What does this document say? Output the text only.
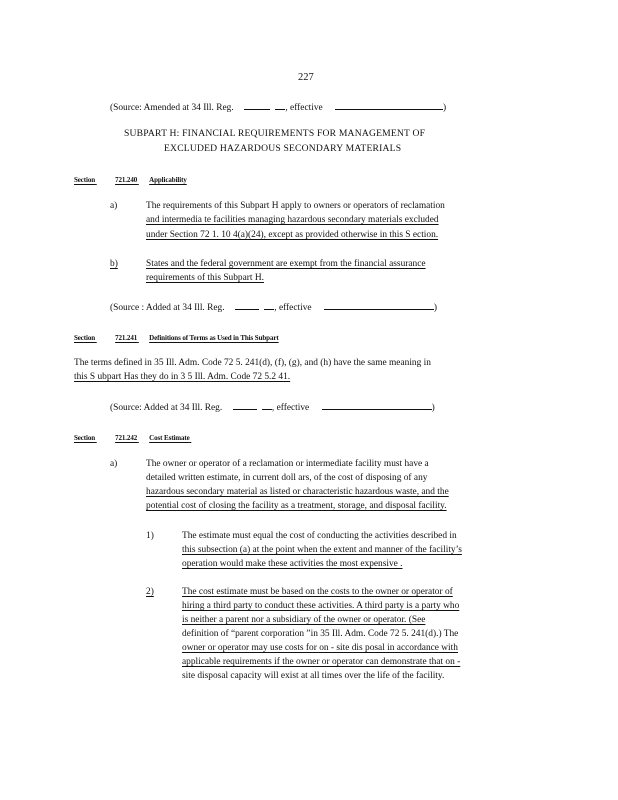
227
(Source: Amended at 34 Ill. Reg.	, effective	)
SUBPART H: FINANCIAL REQUIREMENTS FOR MANAGEMENT OF
EXCLUDED HAZARDOUS SECONDARY MATERIALS
Section	721.240 Applicability
a)	The requirements of this Subpart H apply to owners or operators of reclamation
and intermedia te facilities managing hazardous secondary materials excluded
under Section 72 1. 10 4(a)(24), except as provided otherwise in this S ection.
b)	States and the federal government are exempt from the financial assurance
requirements of this Subpart H.
(Source : Added at 34 Ill. Reg.	, effective	)
Section	721.241 Definitions of Terms as Used in This Subpart
The terms defined in 35 Ill. Adm. Code 72 5. 241(d), (f), (g), and (h) have the same meaning in
this S ubpart Has they do in 3 5 Ill. Adm. Code 72 5.2 41.
(Source: Added at 34 Ill. Reg.	, effective	)
Section	721.242 Cost Estimate
a)	The owner or operator of a reclamation or intermediate facility must have a
detailed written estimate, in current doll ars, of the cost of disposing of any
hazardous secondary material as listed or characteristic hazardous waste, and the
potential cost of closing the facility as a treatment, storage, and disposal facility.
1)	The estimate must equal the cost of conducting the activities described in
this subsection (a) at the point when the extent and manner of the facility’s
operation would make these activities the most expensive .
2)	The cost estimate must be based on the costs to the owner or operator of
hiring a third party to conduct these activities. A third party is a party who
is neither a parent nor a subsidiary of the owner or operator. (See
definition of “parent corporation ”in 35 Ill. Adm. Code 72 5. 241(d).) The
owner or operator may use costs for on - site dis posal in accordance with
applicable requirements if the owner or operator can demonstrate that on -
site disposal capacity will exist at all times over the life of the facility.
